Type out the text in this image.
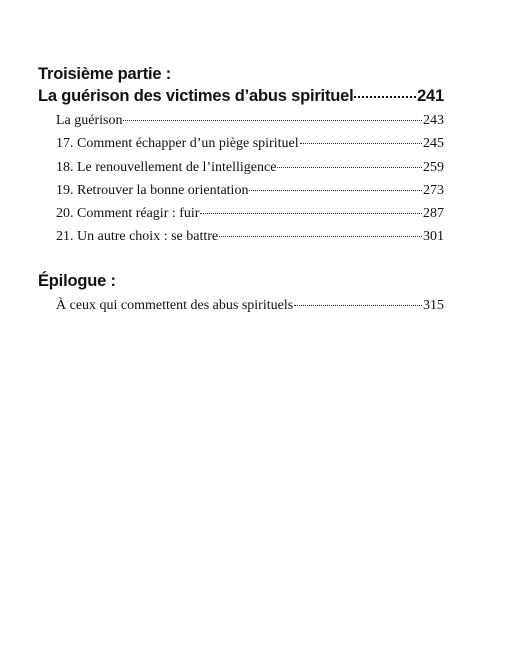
Troisième partie :
La guérison des victimes d’abus spirituel	241
La guérison	243
17. Comment échapper d’un piège spirituel	245
18. Le renouvellement de l’intelligence	259
19. Retrouver la bonne orientation	273
20. Comment réagir : fuir	287
21. Un autre choix : se battre	301
Épilogue :
À ceux qui commettent des abus spirituels	315
